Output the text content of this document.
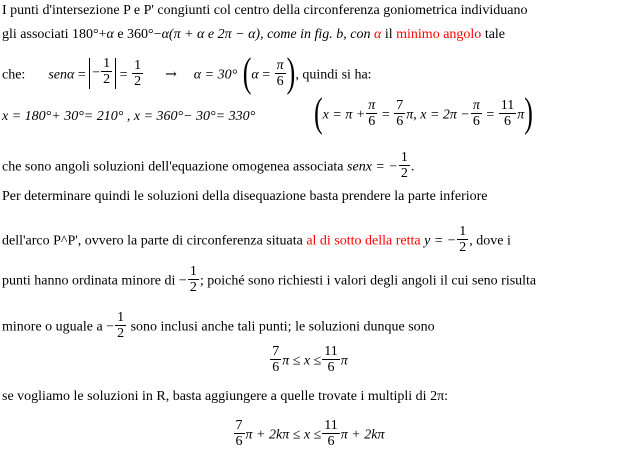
I punti d'intersezione P e P' congiunti col centro della circonferenza goniometrica individuano
gli associati 180°+α e 360°−α(π + α e 2π − α), come in fig. b, con α il minimo angolo tale
che: senα = − $\frac{1}{2} = \frac{1}{2} \to \alpha = 30^\circ$ ($\alpha = \frac{\pi}{6}$ ), quindi si ha:
x = 180°+ 30°= 210° , x = 360°− 30°= 330° ($x = \pi + \frac{\pi}{6} = \frac{7}{6} \pi$, $x = 2\pi - \frac{\pi}{6} = \frac{11}{6} \pi$)
che sono angoli soluzioni dell'equazione omogenea associata senx = − $\frac{1}{2}$ .
Per determinare quindi le soluzioni della disequazione basta prendere la parte inferiore
dell'arco P^P', ovvero la parte di circonferenza situata al di sotto della retta y = − $\frac{1}{2}$ , dove i
punti hanno ordinata minore di − $\frac{1}{2}$ ; poiché sono richiesti i valori degli angoli il cui seno risulta
minore o uguale $a - \frac{1}{2}$ sono inclusi anche tali punti; le soluzioni dunque sono
$\frac{7}{6}$ $\pi \le x \le \frac{11}{6}$ π
se vogliamo le soluzioni in R, basta aggiungere a quelle trovate i multipli di 2π:
$\frac{7}{6}$ $\pi + 2k\pi \le x \le \frac{11}{6}$ π + 2kπ
